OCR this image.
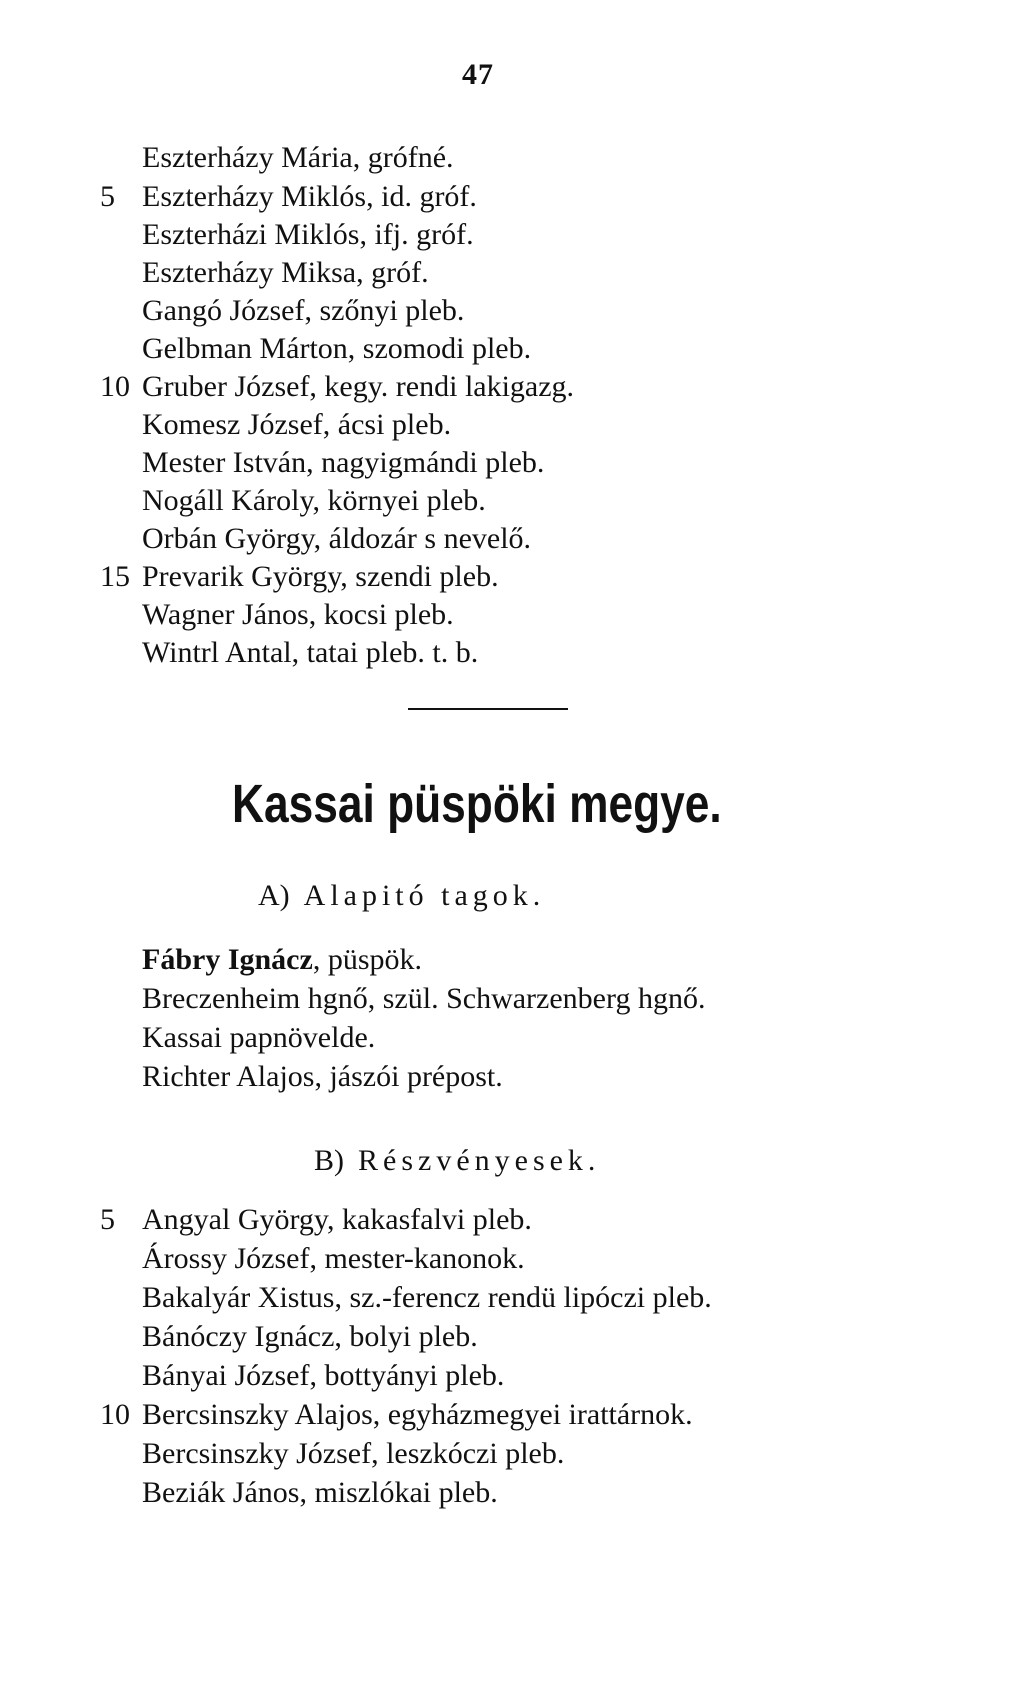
47
Eszterházy Mária, grófné.
5 Eszterházy Miklós, id. gróf.
Eszterházi Miklós, ifj. gróf.
Eszterházy Miksa, gróf.
Gangó József, szőnyi pleb.
Gelbman Márton, szomodi pleb.
10 Gruber József, kegy. rendi lakigazg.
Komesz József, ácsi pleb.
Mester István, nagyigmándi pleb.
Nogáll Károly, környei pleb.
Orbán György, áldozár s nevelő.
15 Prevarik György, szendi pleb.
Wagner János, kocsi pleb.
Wintrl Antal, tatai pleb. t. b.
Kassai püspöki megye.
A) Alapitó tagok.
Fábry Ignácz, püspök.
Breczenheim hgnő, szül. Schwarzenberg hgnő.
Kassai papnövelde.
Richter Alajos, jászói prépost.
B) Részvényesek.
5 Angyal György, kakasfalvi pleb.
Árossy József, mester-kanonok.
Bakalyár Xistus, sz.-ferencz rendü lipóczi pleb.
Bánóczy Ignácz, bolyi pleb.
Bányai József, bottyányi pleb.
10 Bercsinszky Alajos, egyházmegyei irattárnok.
Bercsinszky József, leszkóczi pleb.
Beziák János, miszlókai pleb.
